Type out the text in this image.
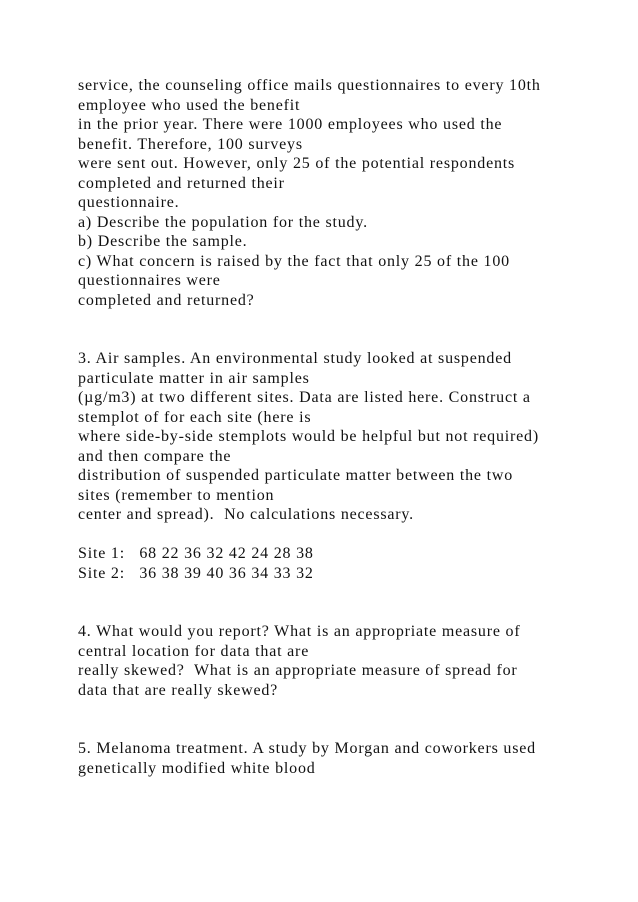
service, the counseling office mails questionnaires to every 10th
employee who used the benefit
in the prior year. There were 1000 employees who used the
benefit. Therefore, 100 surveys
were sent out. However, only 25 of the potential respondents
completed and returned their
questionnaire.
a) Describe the population for the study.
b) Describe the sample.
c) What concern is raised by the fact that only 25 of the 100
questionnaires were
completed and returned?
3. Air samples. An environmental study looked at suspended
particulate matter in air samples
(µg/m3) at two different sites. Data are listed here. Construct a
stemplot of for each site (here is
where side-by-side stemplots would be helpful but not required)
and then compare the
distribution of suspended particulate matter between the two
sites (remember to mention
center and spread).  No calculations necessary.
Site 1:   68 22 36 32 42 24 28 38
Site 2:   36 38 39 40 36 34 33 32
4. What would you report? What is an appropriate measure of
central location for data that are
really skewed?  What is an appropriate measure of spread for
data that are really skewed?
5. Melanoma treatment. A study by Morgan and coworkers used
genetically modified white blood
